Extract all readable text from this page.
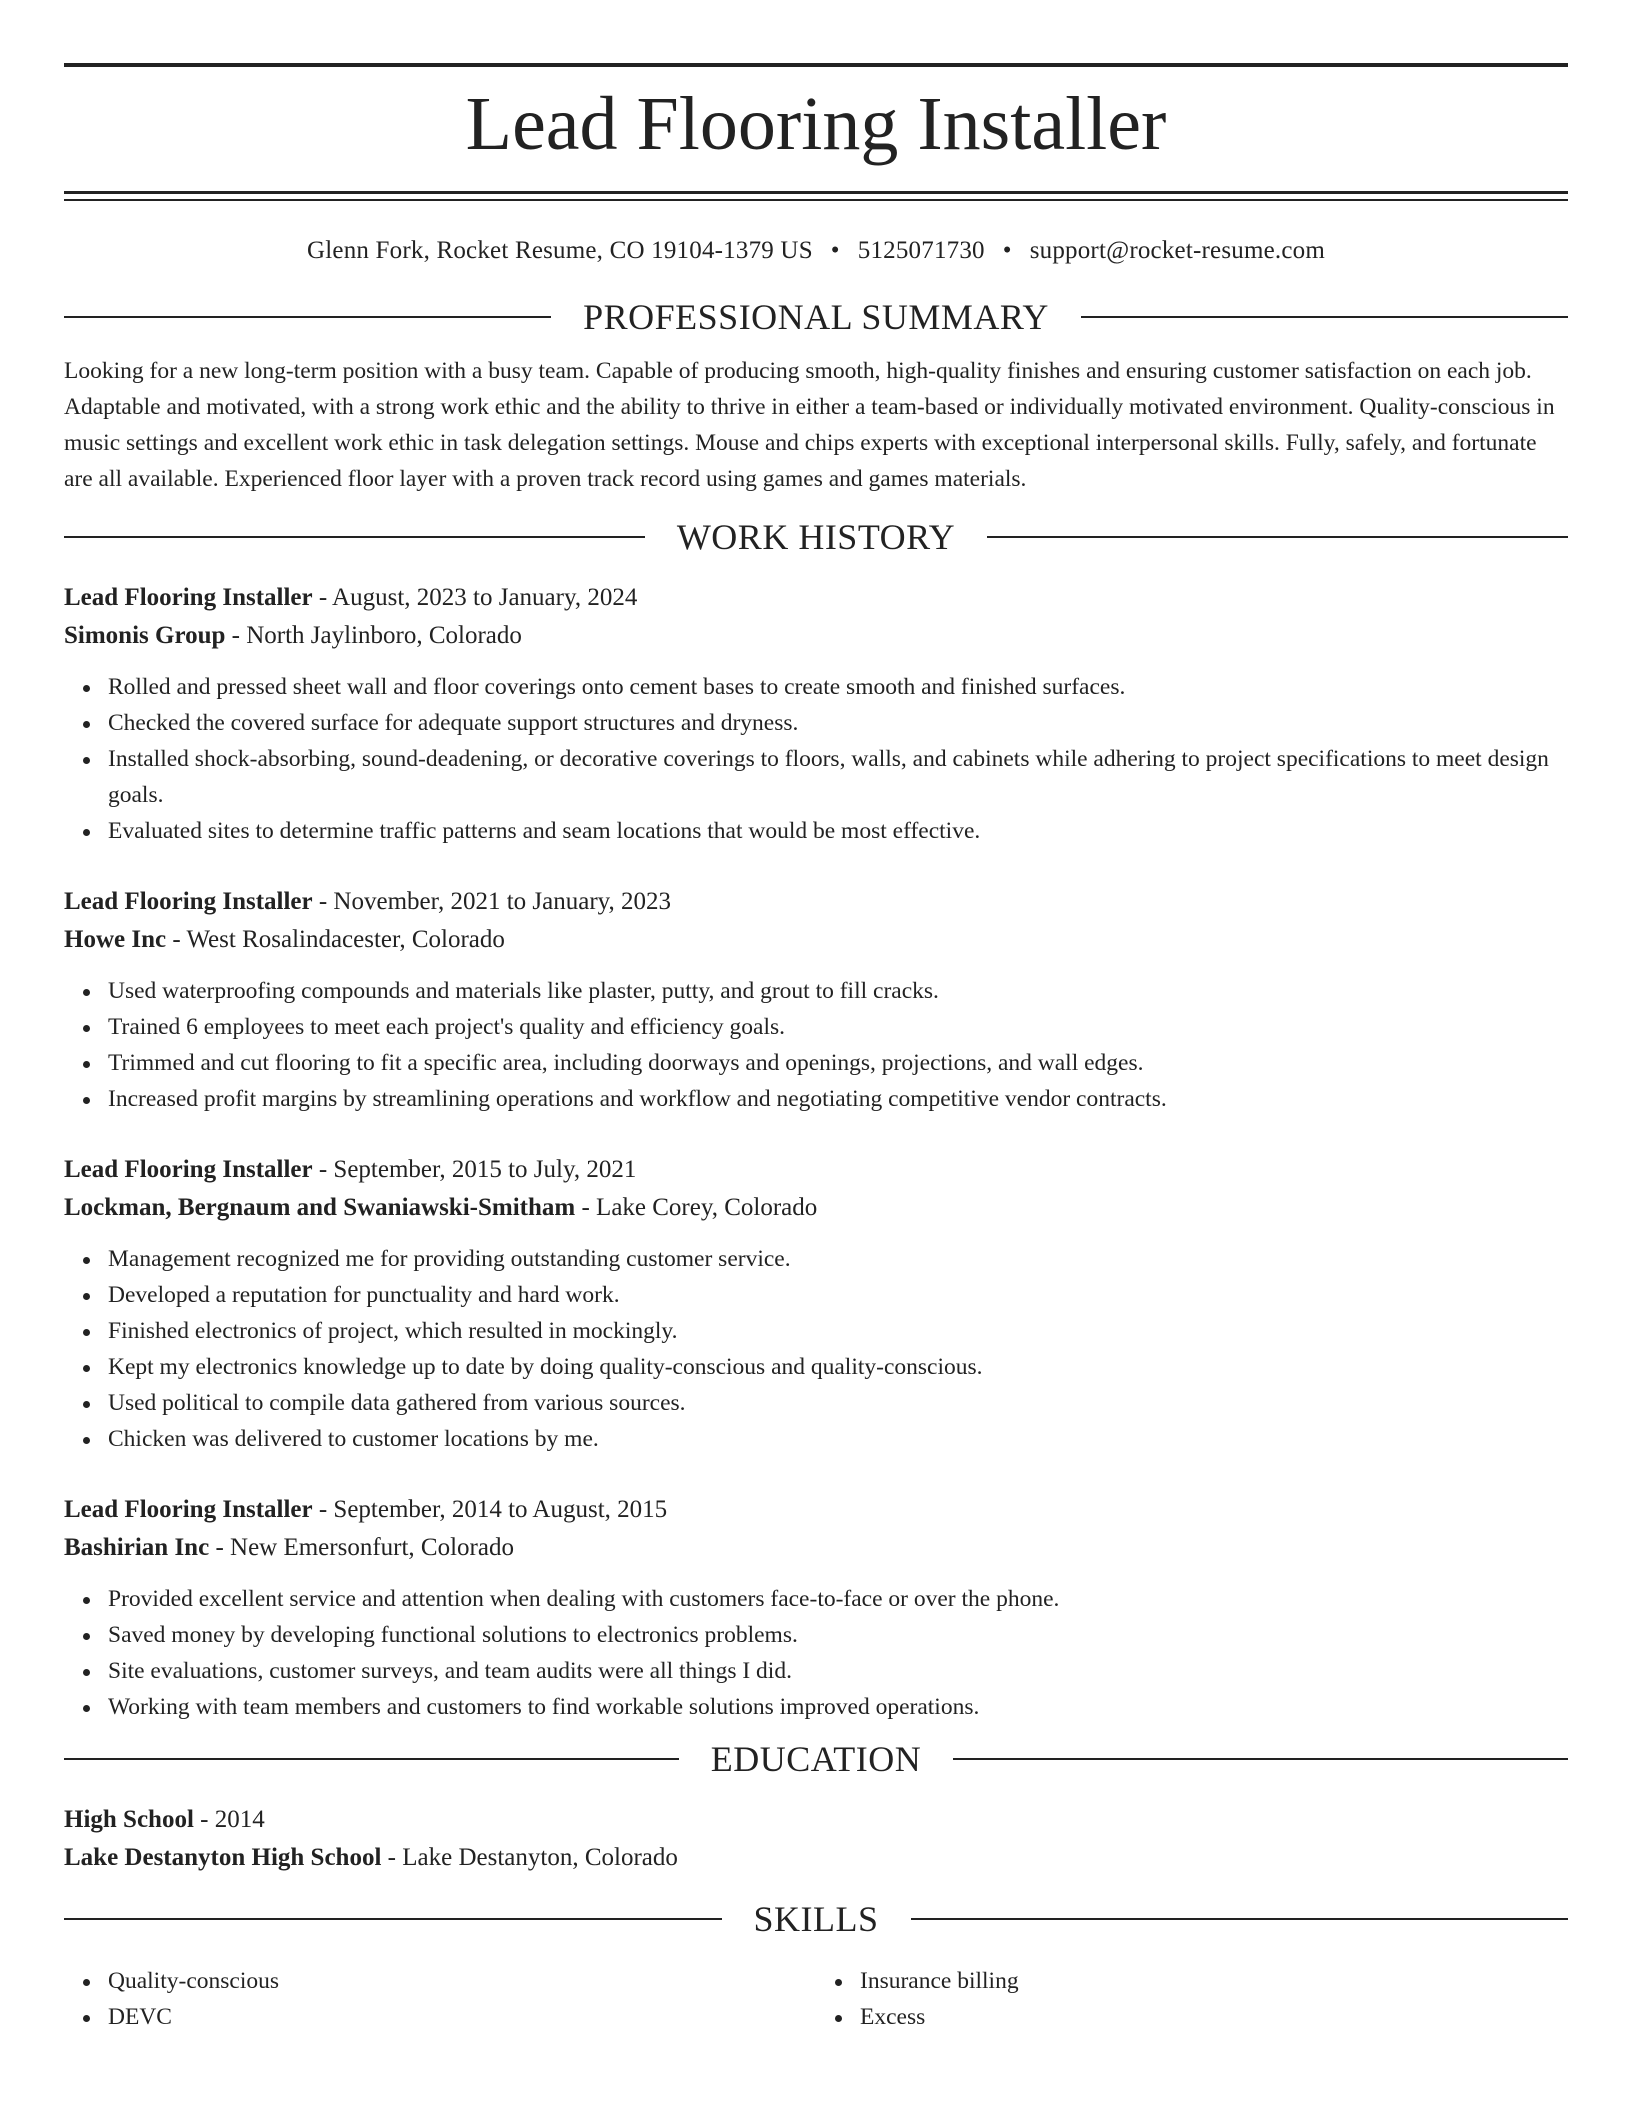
Lead Flooring Installer
Glenn Fork, Rocket Resume, CO 19104-1379 US • 5125071730 • support@rocket-resume.com
PROFESSIONAL SUMMARY

Looking for a new long-term position with a busy team. Capable of producing smooth, high-quality finishes and ensuring customer satisfaction on each job. Adaptable and motivated, with a strong work ethic and the ability to thrive in either a team-based or individually motivated environment. Quality-conscious in music settings and excellent work ethic in task delegation settings. Mouse and chips experts with exceptional interpersonal skills. Fully, safely, and fortunate are all available. Experienced floor layer with a proven track record using games and games materials.

WORK HISTORY

Lead Flooring Installer - August, 2023 to January, 2024

Simonis Group - North Jaylinboro, Colorado

Rolled and pressed sheet wall and floor coverings onto cement bases to create smooth and finished surfaces.
Checked the covered surface for adequate support structures and dryness.
Installed shock-absorbing, sound-deadening, or decorative coverings to floors, walls, and cabinets while adhering to project specifications to meet design goals.
Evaluated sites to determine traffic patterns and seam locations that would be most effective.

Lead Flooring Installer - November, 2021 to January, 2023

Howe Inc - West Rosalindacester, Colorado

Used waterproofing compounds and materials like plaster, putty, and grout to fill cracks.
Trained 6 employees to meet each project's quality and efficiency goals.
Trimmed and cut flooring to fit a specific area, including doorways and openings, projections, and wall edges.
Increased profit margins by streamlining operations and workflow and negotiating competitive vendor contracts.

Lead Flooring Installer - September, 2015 to July, 2021

Lockman, Bergnaum and Swaniawski-Smitham - Lake Corey, Colorado

Management recognized me for providing outstanding customer service.
Developed a reputation for punctuality and hard work.
Finished electronics of project, which resulted in mockingly.
Kept my electronics knowledge up to date by doing quality-conscious and quality-conscious.
Used political to compile data gathered from various sources.
Chicken was delivered to customer locations by me.

Lead Flooring Installer - September, 2014 to August, 2015

Bashirian Inc - New Emersonfurt, Colorado

Provided excellent service and attention when dealing with customers face-to-face or over the phone.
Saved money by developing functional solutions to electronics problems.
Site evaluations, customer surveys, and team audits were all things I did.
Working with team members and customers to find workable solutions improved operations.
EDUCATION

High School - 2014

Lake Destanyton High School - Lake Destanyton, Colorado

SKILLS
Quality-conscious
DEVC
Insurance billing
Excess
